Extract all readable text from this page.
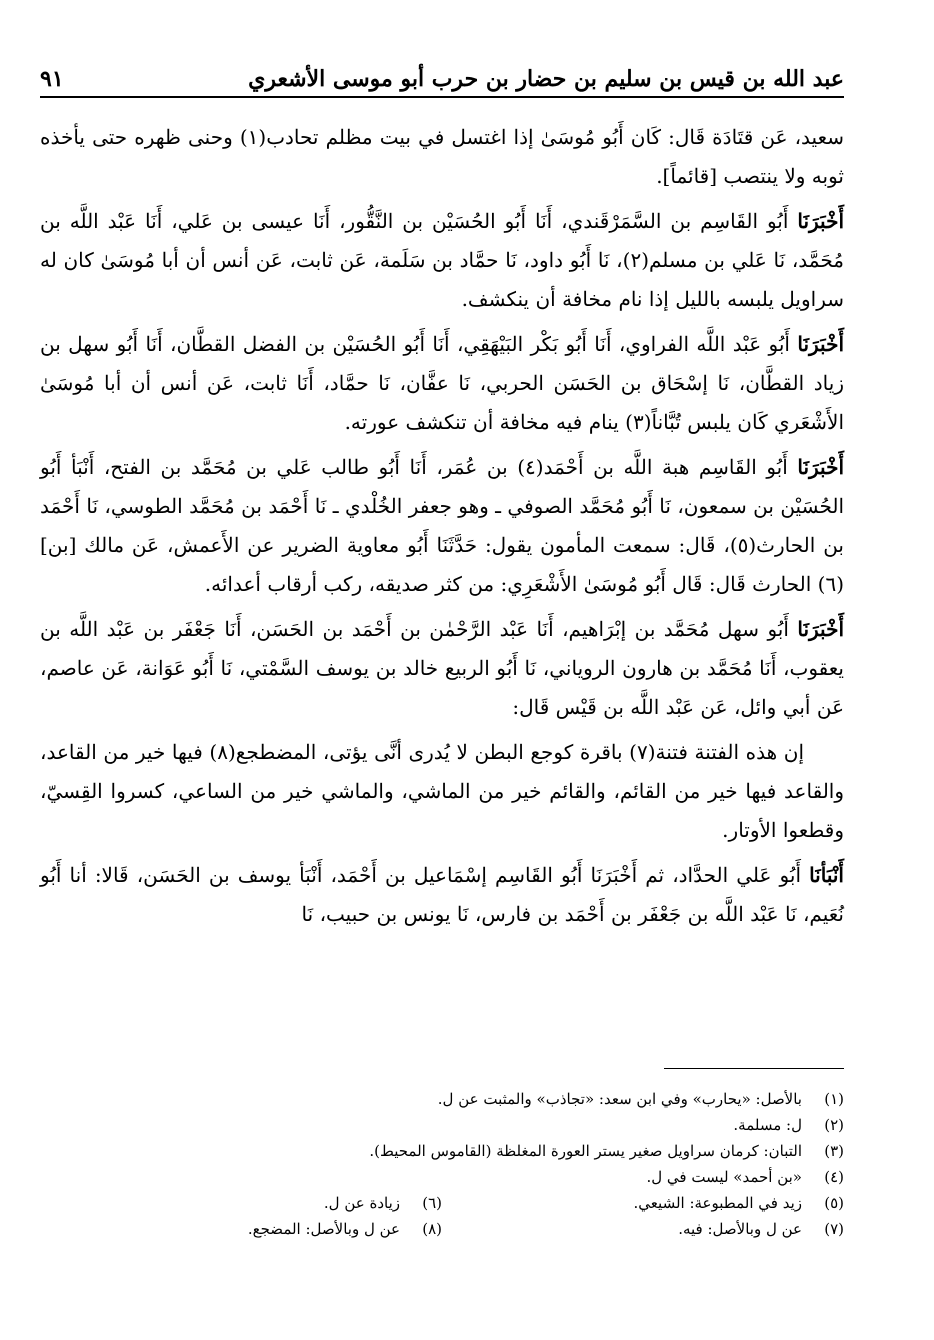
عبد الله بن قيس بن سليم بن حضار بن حرب أبو موسى الأشعري
٩١

سعيد، عَن قتَادَة قَال: كَان أَبُو مُوسَىٰ إذا اغتسل في بيت مظلم تحادب(١) وحنى ظهره حتى يأخذه ثوبه ولا ينتصب [قائماً].

أَخْبَرَنَا أَبُو القَاسِم بن السَّمَرْقَندي، أَنَا أَبُو الحُسَيْن بن النَّقُّور، أَنَا عيسى بن عَلي، أَنَا عَبْد اللَّه بن مُحَمَّد، نَا عَلي بن مسلم(٢)، نَا أَبُو داود، نَا حمَّاد بن سَلَمة، عَن ثابت، عَن أنس أن أبا مُوسَىٰ كان له سراويل يلبسه بالليل إذا نام مخافة أن ينكشف.

أَخْبَرَنَا أَبُو عَبْد اللَّه الفراوي، أَنَا أَبُو بَكْر البَيْهَقِي، أَنَا أَبُو الحُسَيْن بن الفضل القطَّان، أَنَا أَبُو سهل بن زياد القطَّان، نَا إسْحَاق بن الحَسَن الحربي، نَا عفَّان، نَا حمَّاد، أَنَا ثابت، عَن أنس أن أبا مُوسَىٰ الأَشْعَري كَان يلبس تُبَّاناً(٣) ينام فيه مخافة أن تنكشف عورته.

أَخْبَرَنَا أَبُو القَاسِم هبة اللَّه بن أَحْمَد(٤) بن عُمَر، أَنَا أَبُو طالب عَلي بن مُحَمَّد بن الفتح، أَنْبَأ أَبُو الحُسَيْن بن سمعون، نَا أَبُو مُحَمَّد الصوفي ـ وهو جعفر الخُلْدي ـ نَا أَحْمَد بن مُحَمَّد الطوسي، نَا أَحْمَد بن الحارث(٥)، قَال: سمعت المأمون يقول: حَدَّثَنَا أَبُو معاوية الضرير عن الأَعمش، عَن مالك [بن](٦) الحارث قَال: قَال أَبُو مُوسَىٰ الأَشْعَرِي: من كثر صديقه، ركب أرقاب أعدائه.

أَخْبَرَنَا أَبُو سهل مُحَمَّد بن إبْرَاهيم، أَنَا عَبْد الرَّحْمٰن بن أَحْمَد بن الحَسَن، أَنَا جَعْفَر بن عَبْد اللَّه بن يعقوب، أَنَا مُحَمَّد بن هارون الروياني، نَا أَبُو الربيع خالد بن يوسف السَّمْتي، نَا أَبُو عَوَانة، عَن عاصم، عَن أبي وائل، عَن عَبْد اللَّه بن قَيْس قَال:

إن هذه الفتنة فتنة(٧) باقرة كوجع البطن لا يُدرى أنَّى يؤتى، المضطجع(٨) فيها خير من القاعد، والقاعد فيها خير من القائم، والقائم خير من الماشي، والماشي خير من الساعي، كسروا القِسيّ، وقطعوا الأوتار.

أَنْبَأنَا أَبُو عَلي الحدَّاد، ثم أَخْبَرَنَا أَبُو القَاسِم إسْمَاعيل بن أَحْمَد، أَنْبَأ يوسف بن الحَسَن، قَالا: أنا أَبُو نُعَيم، نَا عَبْد اللَّه بن جَعْفَر بن أَحْمَد بن فارس، نَا يونس بن حبيب، نَا

(١)
بالأصل: «يحارب» وفي ابن سعد: «تجاذب» والمثبت عن ل.
(٢)
ل: مسلمة.
(٣)
التبان: كرمان سراويل صغير يستر العورة المغلظة (القاموس المحيط).
(٤)
«بن أحمد» ليست في ل.
(٥)
زيد في المطبوعة: الشيعي.
(٦)
زيادة عن ل.
(٧)
عن ل وبالأصل: فيه.
(٨)
عن ل وبالأصل: المضجع.
